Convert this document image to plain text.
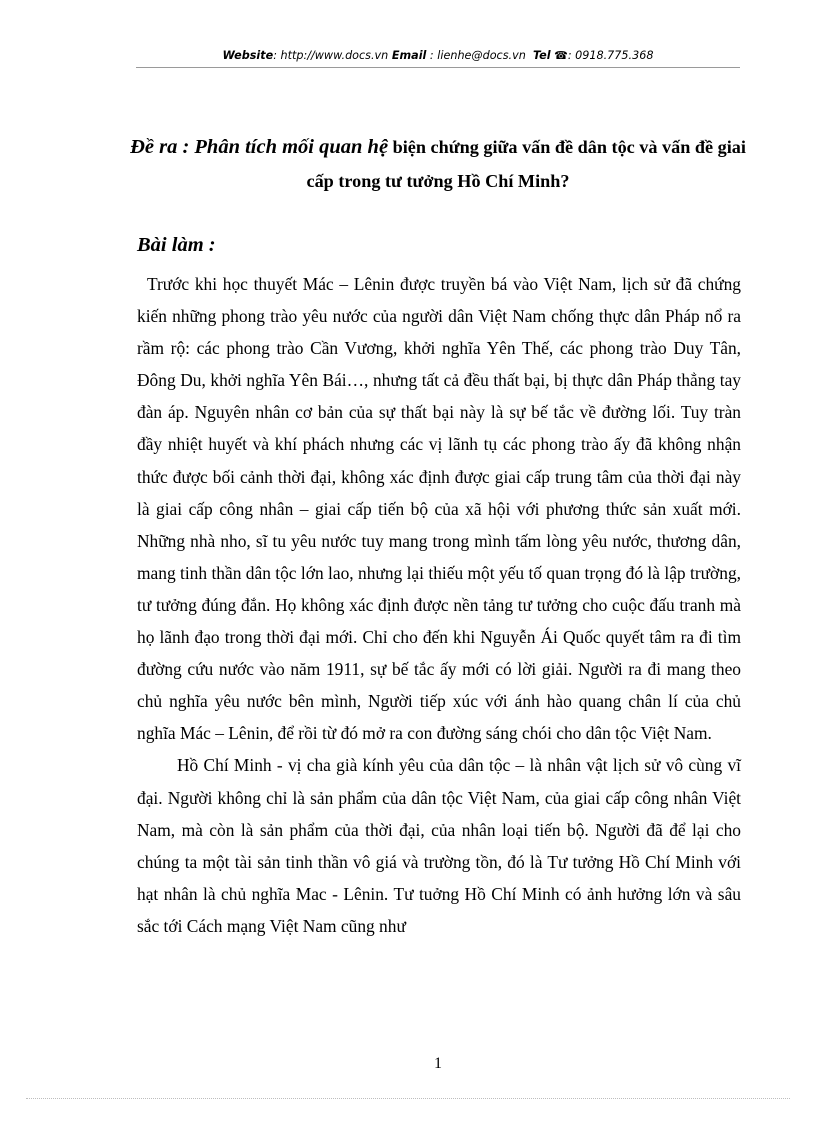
Website: http://www.docs.vn Email : lienhe@docs.vn Tel ☎: 0918.775.368
Đề ra : Phân tích mối quan hệ biện chứng giữa vấn đề dân tộc và vấn đề giai cấp trong tư tưởng Hồ Chí Minh?
Bài làm :

Trước khi học thuyết Mác – Lênin được truyền bá vào Việt Nam, lịch sử đã chứng kiến những phong trào yêu nước của người dân Việt Nam chống thực dân Pháp nổ ra rầm rộ: các phong trào Cần Vương, khởi nghĩa Yên Thế, các phong trào Duy Tân, Đông Du, khởi nghĩa Yên Bái…, nhưng tất cả đều thất bại, bị thực dân Pháp thẳng tay đàn áp. Nguyên nhân cơ bản của sự thất bại này là sự bế tắc về đường lối. Tuy tràn đầy nhiệt huyết và khí phách nhưng các vị lãnh tụ các phong trào ấy đã không nhận thức được bối cảnh thời đại, không xác định được giai cấp trung tâm của thời đại này là giai cấp công nhân – giai cấp tiến bộ của xã hội với phương thức sản xuất mới. Những nhà nho, sĩ tu yêu nước tuy mang trong mình tấm lòng yêu nước, thương dân, mang tinh thần dân tộc lớn lao, nhưng lại thiếu một yếu tố quan trọng đó là lập trường, tư tưởng đúng đắn. Họ không xác định được nền tảng tư tưởng cho cuộc đấu tranh mà họ lãnh đạo trong thời đại mới. Chỉ cho đến khi Nguyễn Ái Quốc quyết tâm ra đi tìm đường cứu nước vào năm 1911, sự bế tắc ấy mới có lời giải. Người ra đi mang theo chủ nghĩa yêu nước bên mình, Người tiếp xúc với ánh hào quang chân lí của chủ nghĩa Mác – Lênin, để rồi từ đó mở ra con đường sáng chói cho dân tộc Việt Nam.

Hồ Chí Minh - vị cha già kính yêu của dân tộc – là nhân vật lịch sử vô cùng vĩ đại. Người không chỉ là sản phẩm của dân tộc Việt Nam, của giai cấp công nhân Việt Nam, mà còn là sản phẩm của thời đại, của nhân loại tiến bộ. Người đã để lại cho chúng ta một tài sản tinh thần vô giá và trường tồn, đó là Tư tưởng Hồ Chí Minh với hạt nhân là chủ nghĩa Mac - Lênin. Tư tuởng Hồ Chí Minh có ảnh hưởng lớn và sâu sắc tới Cách mạng Việt Nam cũng như

1
